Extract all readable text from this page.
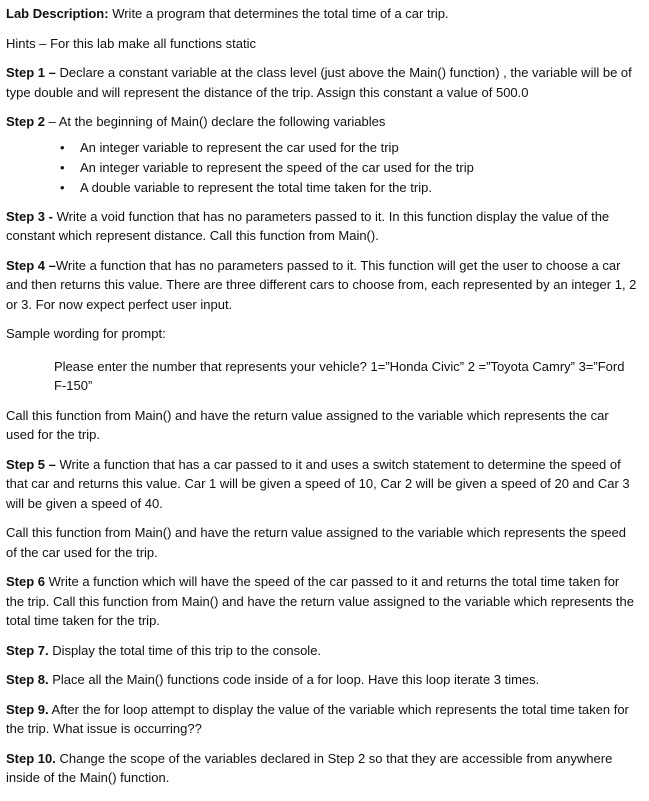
Lab Description: Write a program that determines the total time of a car trip.

Hints – For this lab make all functions static

Step 1 – Declare a constant variable at the class level (just above the Main() function) , the variable will be of type double and will represent the distance of the trip. Assign this constant a value of 500.0

Step 2 – At the beginning of Main() declare the following variables

• An integer variable to represent the car used for the trip
• An integer variable to represent the speed of the car used for the trip
• A double variable to represent the total time taken for the trip.

Step 3 - Write a void function that has no parameters passed to it. In this function display the value of the constant which represent distance. Call this function from Main().

Step 4 –Write a function that has no parameters passed to it. This function will get the user to choose a car and then returns this value. There are three different cars to choose from, each represented by an integer 1, 2 or 3. For now expect perfect user input.

Sample wording for prompt:

Please enter the number that represents your vehicle? 1=”Honda Civic” 2 =”Toyota Camry” 3=”Ford F-150”

Call this function from Main() and have the return value assigned to the variable which represents the car used for the trip.

Step 5 – Write a function that has a car passed to it and uses a switch statement to determine the speed of that car and returns this value. Car 1 will be given a speed of 10, Car 2 will be given a speed of 20 and Car 3 will be given a speed of 40.

Call this function from Main() and have the return value assigned to the variable which represents the speed of the car used for the trip.

Step 6 Write a function which will have the speed of the car passed to it and returns the total time taken for the trip. Call this function from Main() and have the return value assigned to the variable which represents the total time taken for the trip.

Step 7. Display the total time of this trip to the console.

Step 8. Place all the Main() functions code inside of a for loop. Have this loop iterate 3 times.

Step 9. After the for loop attempt to display the value of the variable which represents the total time taken for the trip. What issue is occurring??

Step 10. Change the scope of the variables declared in Step 2 so that they are accessible from anywhere inside of the Main() function.
